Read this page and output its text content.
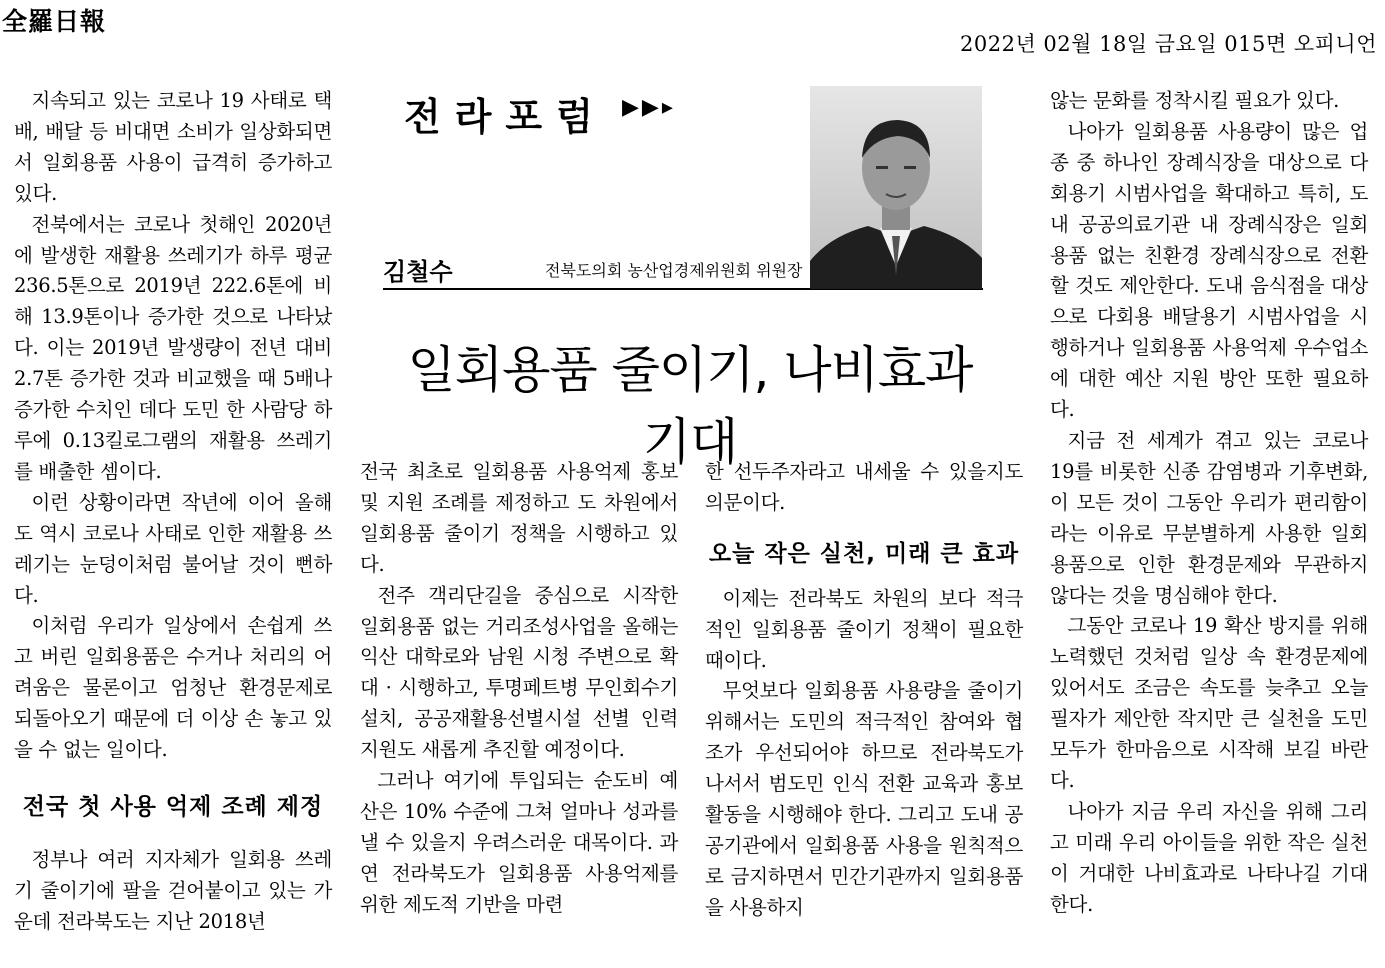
全羅日報
2022년 02월 18일 금요일 015면 오피니언

지속되고 있는 코로나 19 사태로 택배, 배달 등 비대면 소비가 일상화되면서 일회용품 사용이 급격히 증가하고 있다.

전북에서는 코로나 첫해인 2020년에 발생한 재활용 쓰레기가 하루 평균 236.5톤으로 2019년 222.6톤에 비해 13.9톤이나 증가한 것으로 나타났다. 이는 2019년 발생량이 전년 대비 2.7톤 증가한 것과 비교했을 때 5배나 증가한 수치인 데다 도민 한 사람당 하루에 0.13킬로그램의 재활용 쓰레기를 배출한 셈이다.

이런 상황이라면 작년에 이어 올해도 역시 코로나 사태로 인한 재활용 쓰레기는 눈덩이처럼 불어날 것이 뻔하다.

이처럼 우리가 일상에서 손쉽게 쓰고 버린 일회용품은 수거나 처리의 어려움은 물론이고 엄청난 환경문제로 되돌아오기 때문에 더 이상 손 놓고 있을 수 없는 일이다.

전국 첫 사용 억제 조례 제정

정부나 여러 지자체가 일회용 쓰레기 줄이기에 팔을 걷어붙이고 있는 가운데 전라북도는 지난 2018년

전라포럼 ▶▶▸
김철수	전북도의회 농산업경제위원회 위원장
일회용품 줄이기, 나비효과 기대

전국 최초로 일회용품 사용억제 홍보 및 지원 조례를 제정하고 도 차원에서 일회용품 줄이기 정책을 시행하고 있다.

전주 객리단길을 중심으로 시작한 일회용품 없는 거리조성사업을 올해는 익산 대학로와 남원 시청 주변으로 확대 · 시행하고, 투명페트병 무인회수기 설치, 공공재활용선별시설 선별 인력 지원도 새롭게 추진할 예정이다.

그러나 여기에 투입되는 순도비 예산은 10% 수준에 그쳐 얼마나 성과를 낼 수 있을지 우려스러운 대목이다. 과연 전라북도가 일회용품 사용억제를 위한 제도적 기반을 마련

한 선두주자라고 내세울 수 있을지도 의문이다.

오늘 작은 실천, 미래 큰 효과

이제는 전라북도 차원의 보다 적극적인 일회용품 줄이기 정책이 필요한 때이다.

무엇보다 일회용품 사용량을 줄이기 위해서는 도민의 적극적인 참여와 협조가 우선되어야 하므로 전라북도가 나서서 범도민 인식 전환 교육과 홍보활동을 시행해야 한다. 그리고 도내 공공기관에서 일회용품 사용을 원칙적으로 금지하면서 민간기관까지 일회용품을 사용하지

않는 문화를 정착시킬 필요가 있다.

나아가 일회용품 사용량이 많은 업종 중 하나인 장례식장을 대상으로 다회용기 시범사업을 확대하고 특히, 도내 공공의료기관 내 장례식장은 일회용품 없는 친환경 장례식장으로 전환할 것도 제안한다. 도내 음식점을 대상으로 다회용 배달용기 시범사업을 시행하거나 일회용품 사용억제 우수업소에 대한 예산 지원 방안 또한 필요하다.

지금 전 세계가 겪고 있는 코로나 19를 비롯한 신종 감염병과 기후변화, 이 모든 것이 그동안 우리가 편리함이라는 이유로 무분별하게 사용한 일회용품으로 인한 환경문제와 무관하지 않다는 것을 명심해야 한다.

그동안 코로나 19 확산 방지를 위해 노력했던 것처럼 일상 속 환경문제에 있어서도 조금은 속도를 늦추고 오늘 필자가 제안한 작지만 큰 실천을 도민 모두가 한마음으로 시작해 보길 바란다.

나아가 지금 우리 자신을 위해 그리고 미래 우리 아이들을 위한 작은 실천이 거대한 나비효과로 나타나길 기대한다.
